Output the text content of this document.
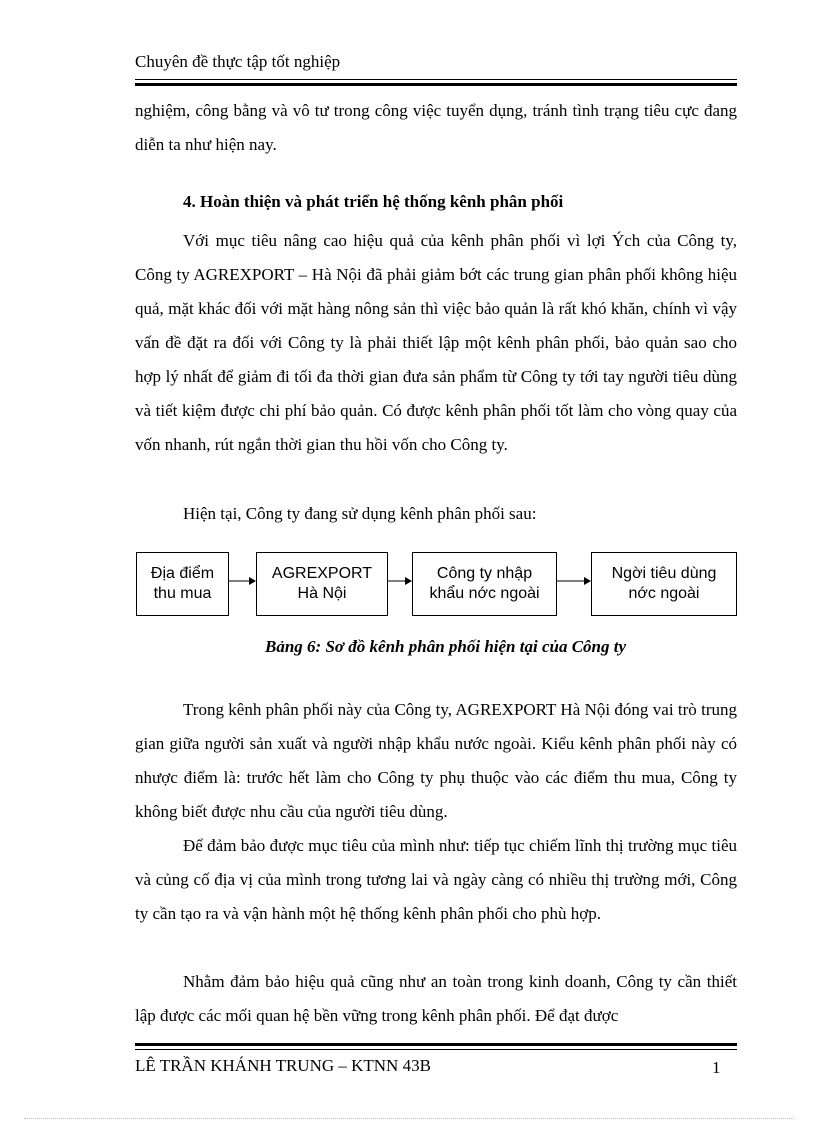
Chuyên đề thực tập tốt nghiệp

nghiệm, công bằng và vô tư trong công việc tuyển dụng, tránh tình trạng tiêu cực đang diễn ta như hiện nay.

4. Hoàn thiện và phát triển hệ thống kênh phân phối

Với mục tiêu nâng cao hiệu quả của kênh phân phối vì lợi Ých của Công ty, Công ty AGREXPORT – Hà Nội đã phải giảm bớt các trung gian phân phối không hiệu quả, mặt khác đối với mặt hàng nông sản thì việc bảo quản là rất khó khăn, chính vì vậy vấn đề đặt ra đối với Công ty là phải thiết lập một kênh phân phối, bảo quản sao cho hợp lý nhất để giảm đi tối đa thời gian đưa sản phẩm từ Công ty tới tay người tiêu dùng và tiết kiệm được chi phí bảo quản. Có được kênh phân phối tốt làm cho vòng quay của vốn nhanh, rút ngắn thời gian thu hồi vốn cho Công ty.

Hiện tại, Công ty đang sử dụng kênh phân phối sau:

Địa điểm
thu mua
AGREXPORT
Hà Nội
Công ty nhập
khẩu nớc ngoài
Ngời tiêu dùng
nớc ngoài
Bảng 6: Sơ đồ kênh phân phối hiện tại của Công ty

Trong kênh phân phối này của Công ty, AGREXPORT Hà Nội đóng vai trò trung gian giữa người sản xuất và người nhập khẩu nước ngoài. Kiểu kênh phân phối này có nhược điểm là: trước hết làm cho Công ty phụ thuộc vào các điểm thu mua, Công ty không biết được nhu cầu của người tiêu dùng.

Để đảm bảo được mục tiêu của mình như: tiếp tục chiếm lĩnh thị trường mục tiêu và củng cố địa vị của mình trong tương lai và ngày càng có nhiều thị trường mới, Công ty cần tạo ra và vận hành một hệ thống kênh phân phối cho phù hợp.

Nhằm đảm bảo hiệu quả cũng như an toàn trong kinh doanh, Công ty cần thiết lập được các mối quan hệ bền vững trong kênh phân phối. Để đạt được

LÊ TRẦN KHÁNH TRUNG – KTNN 43B	1
